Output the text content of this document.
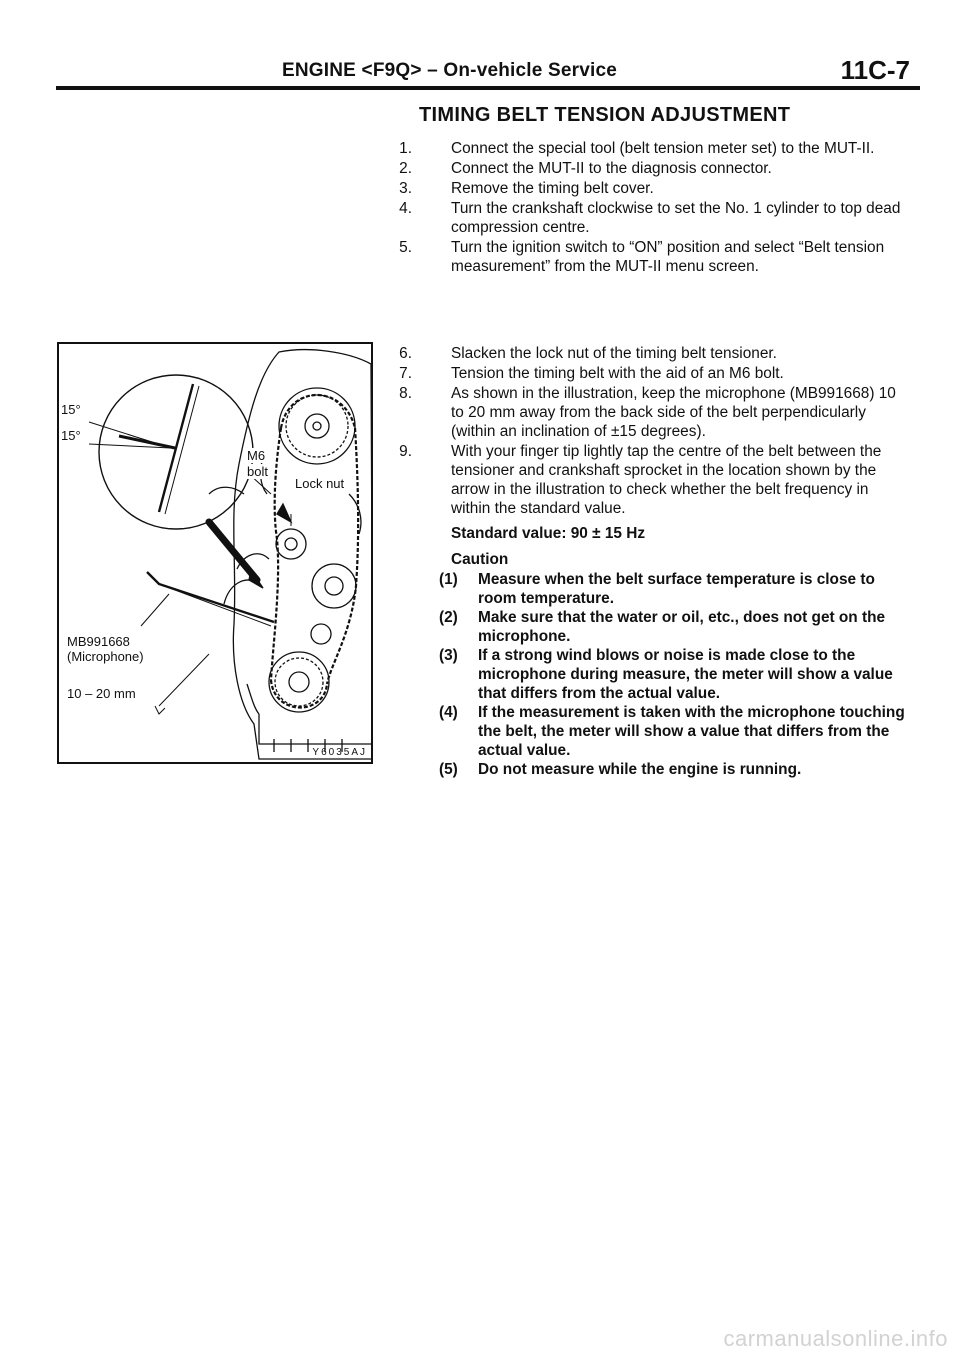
ENGINE <F9Q> – On-vehicle Service	11C-7
TIMING BELT TENSION ADJUSTMENT
1.	Connect the special tool (belt tension meter set) to the MUT-II.
2.	Connect the MUT-II to the diagnosis connector.
3.	Remove the timing belt cover.
4.	Turn the crankshaft clockwise to set the No. 1 cylinder to top dead compression centre.
5.	Turn the ignition switch to “ON” position and select “Belt tension measurement” from the MUT-II menu screen.
6.	Slacken the lock nut of the timing belt tensioner.
7.	Tension the timing belt with the aid of an M6 bolt.
8.	As shown in the illustration, keep the microphone (MB991668) 10 to 20 mm away from the back side of the belt perpendicularly (within an inclination of ±15 degrees).
9.	With your finger tip lightly tap the centre of the belt between the tensioner and crankshaft sprocket in the location shown by the arrow in the illustration to check whether the belt frequency in within the standard value.
Standard value: 90 ± 15 Hz
Caution
(1) Measure when the belt surface temperature is close to room temperature.
(2) Make sure that the water or oil, etc., does not get on the microphone.
(3) If a strong wind blows or noise is made close to the microphone during measure, the meter will show a value that differs from the actual value.
(4) If the measurement is taken with the microphone touching the belt, the meter will show a value that differs from the actual value.
(5) Do not measure while the engine is running.
15°
15°
M6
bolt
Lock nut
MB991668
(Microphone)
10 – 20 mm
Y6035AJ
carmanualsonline.info
